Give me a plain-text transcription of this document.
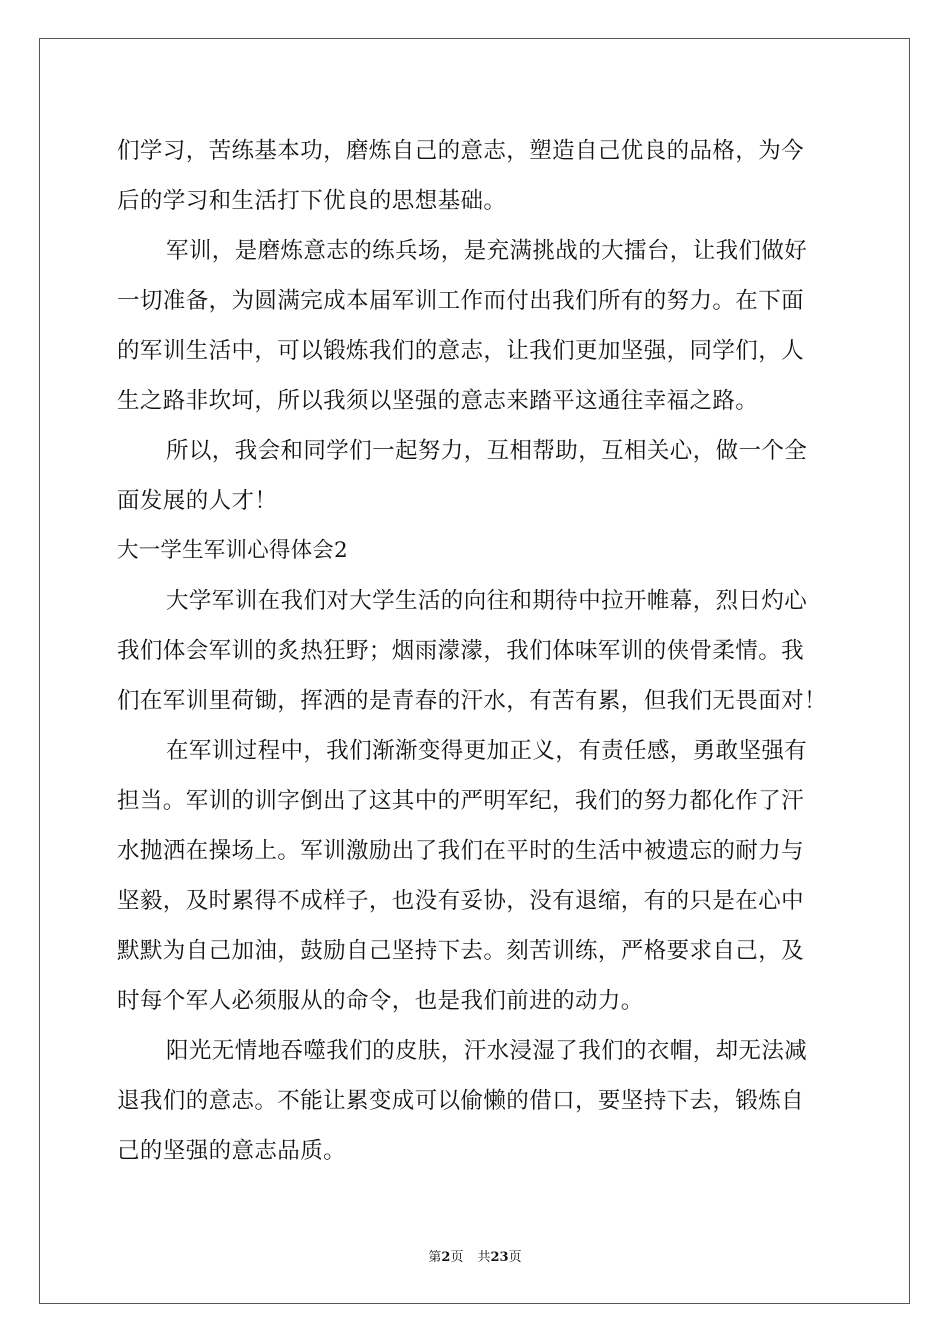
们学习，苦练基本功，磨炼自己的意志，塑造自己优良的品格，为今
后的学习和生活打下优良的思想基础。
军训，是磨炼意志的练兵场，是充满挑战的大擂台，让我们做好
一切准备，为圆满完成本届军训工作而付出我们所有的努力。在下面
的军训生活中，可以锻炼我们的意志，让我们更加坚强，同学们，人
生之路非坎坷，所以我须以坚强的意志来踏平这通往幸福之路。
所以，我会和同学们一起努力，互相帮助，互相关心，做一个全
面发展的人才！
大一学生军训心得体会2
大学军训在我们对大学生活的向往和期待中拉开帷幕，烈日灼心
我们体会军训的炙热狂野；烟雨濛濛，我们体味军训的侠骨柔情。我
们在军训里荷锄，挥洒的是青春的汗水，有苦有累，但我们无畏面对！
在军训过程中，我们渐渐变得更加正义，有责任感，勇敢坚强有
担当。军训的训字倒出了这其中的严明军纪，我们的努力都化作了汗
水抛洒在操场上。军训激励出了我们在平时的生活中被遗忘的耐力与
坚毅，及时累得不成样子，也没有妥协，没有退缩，有的只是在心中
默默为自己加油，鼓励自己坚持下去。刻苦训练，严格要求自己，及
时每个军人必须服从的命令，也是我们前进的动力。
阳光无情地吞噬我们的皮肤，汗水浸湿了我们的衣帽，却无法减
退我们的意志。不能让累变成可以偷懒的借口，要坚持下去，锻炼自
己的坚强的意志品质。
第2页 共23页
